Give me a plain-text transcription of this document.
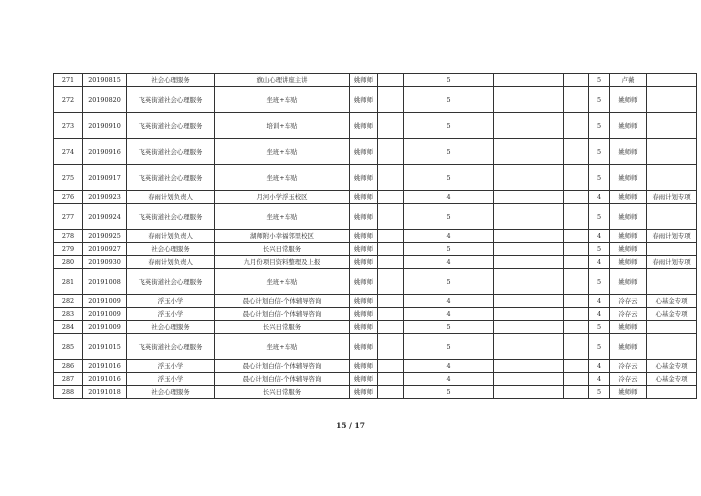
271	20190815	社会心理服务	旗山心理讲座主讲	姚师师		5			5	卢薇	
272	20190820	飞英街道社会心理服务	坐班+车贴	姚师师		5			5	姚师师	
273	20190910	飞英街道社会心理服务	培训+车贴	姚师师		5			5	姚师师	
274	20190916	飞英街道社会心理服务	坐班+车贴	姚师师		5			5	姚师师	
275	20190917	飞英街道社会心理服务	坐班+车贴	姚师师		5			5	姚师师	
276	20190923	春雨计划负责人	月河小学浮玉校区	姚师师		4			4	姚师师	春雨计划专项
277	20190924	飞英街道社会心理服务	坐班+车贴	姚师师		5			5	姚师师	
278	20190925	春雨计划负责人	湖师附小幸福邻里校区	姚师师		4			4	姚师师	春雨计划专项
279	20190927	社会心理服务	长兴日常服务	姚师师		5			5	姚师师	
280	20190930	春雨计划负责人	九月份项目资料整理及上报	姚师师		4			4	姚师师	春雨计划专项
281	20191008	飞英街道社会心理服务	坐班+车贴	姚师师		5			5	姚师师	
282	20191009	浮玉小学	晨心计划白信-个体辅导咨询	姚师师		4			4	冷存云	心基金专项
283	20191009	浮玉小学	晨心计划白信-个体辅导咨询	姚师师		4			4	冷存云	心基金专项
284	20191009	社会心理服务	长兴日常服务	姚师师		5			5	姚师师	
285	20191015	飞英街道社会心理服务	坐班+车贴	姚师师		5			5	姚师师	
286	20191016	浮玉小学	晨心计划白信-个体辅导咨询	姚师师		4			4	冷存云	心基金专项
287	20191016	浮玉小学	晨心计划白信-个体辅导咨询	姚师师		4			4	冷存云	心基金专项
288	20191018	社会心理服务	长兴日常服务	姚师师		5			5	姚师师	
15 / 17
